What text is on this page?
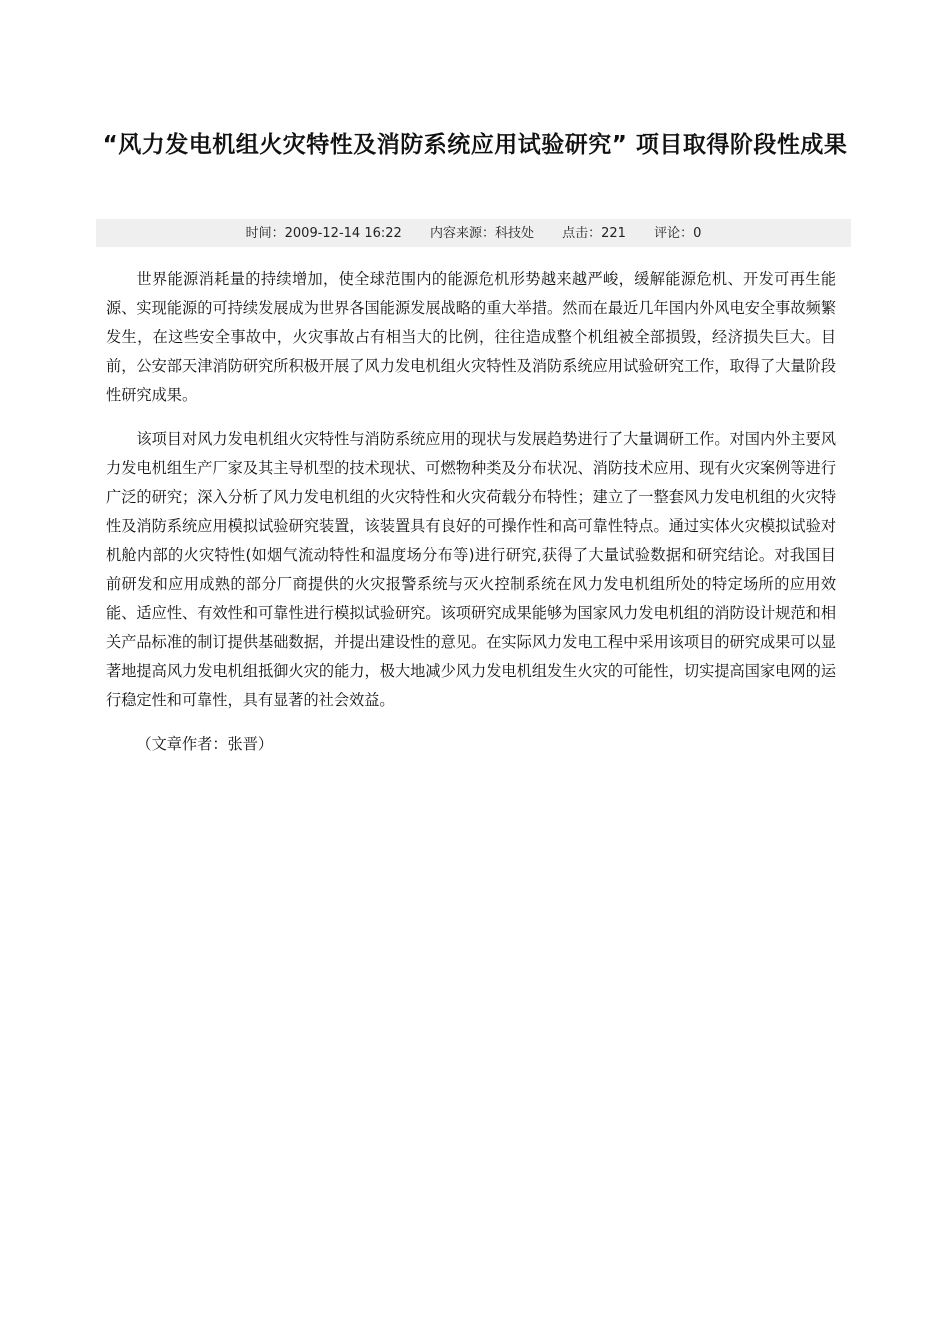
“风力发电机组火灾特性及消防系统应用试验研究” 项目取得阶段性成果
时间：2009-12-14 16:22 内容来源：科技处 点击：221 评论：0

世界能源消耗量的持续增加，使全球范围内的能源危机形势越来越严峻，缓解能源危机、开发可再生能源、实现能源的可持续发展成为世界各国能源发展战略的重大举措。然而在最近几年国内外风电安全事故频繁发生，在这些安全事故中，火灾事故占有相当大的比例，往往造成整个机组被全部损毁，经济损失巨大。目前，公安部天津消防研究所积极开展了风力发电机组火灾特性及消防系统应用试验研究工作，取得了大量阶段性研究成果。

该项目对风力发电机组火灾特性与消防系统应用的现状与发展趋势进行了大量调研工作。对国内外主要风力发电机组生产厂家及其主导机型的技术现状、可燃物种类及分布状况、消防技术应用、现有火灾案例等进行广泛的研究；深入分析了风力发电机组的火灾特性和火灾荷载分布特性；建立了一整套风力发电机组的火灾特性及消防系统应用模拟试验研究装置，该装置具有良好的可操作性和高可靠性特点。通过实体火灾模拟试验对机舱内部的火灾特性(如烟气流动特性和温度场分布等)进行研究,获得了大量试验数据和研究结论。对我国目前研发和应用成熟的部分厂商提供的火灾报警系统与灭火控制系统在风力发电机组所处的特定场所的应用效能、适应性、有效性和可靠性进行模拟试验研究。该项研究成果能够为国家风力发电机组的消防设计规范和相关产品标准的制订提供基础数据，并提出建设性的意见。在实际风力发电工程中采用该项目的研究成果可以显著地提高风力发电机组抵御火灾的能力，极大地减少风力发电机组发生火灾的可能性，切实提高国家电网的运行稳定性和可靠性，具有显著的社会效益。

（文章作者：张晋）
